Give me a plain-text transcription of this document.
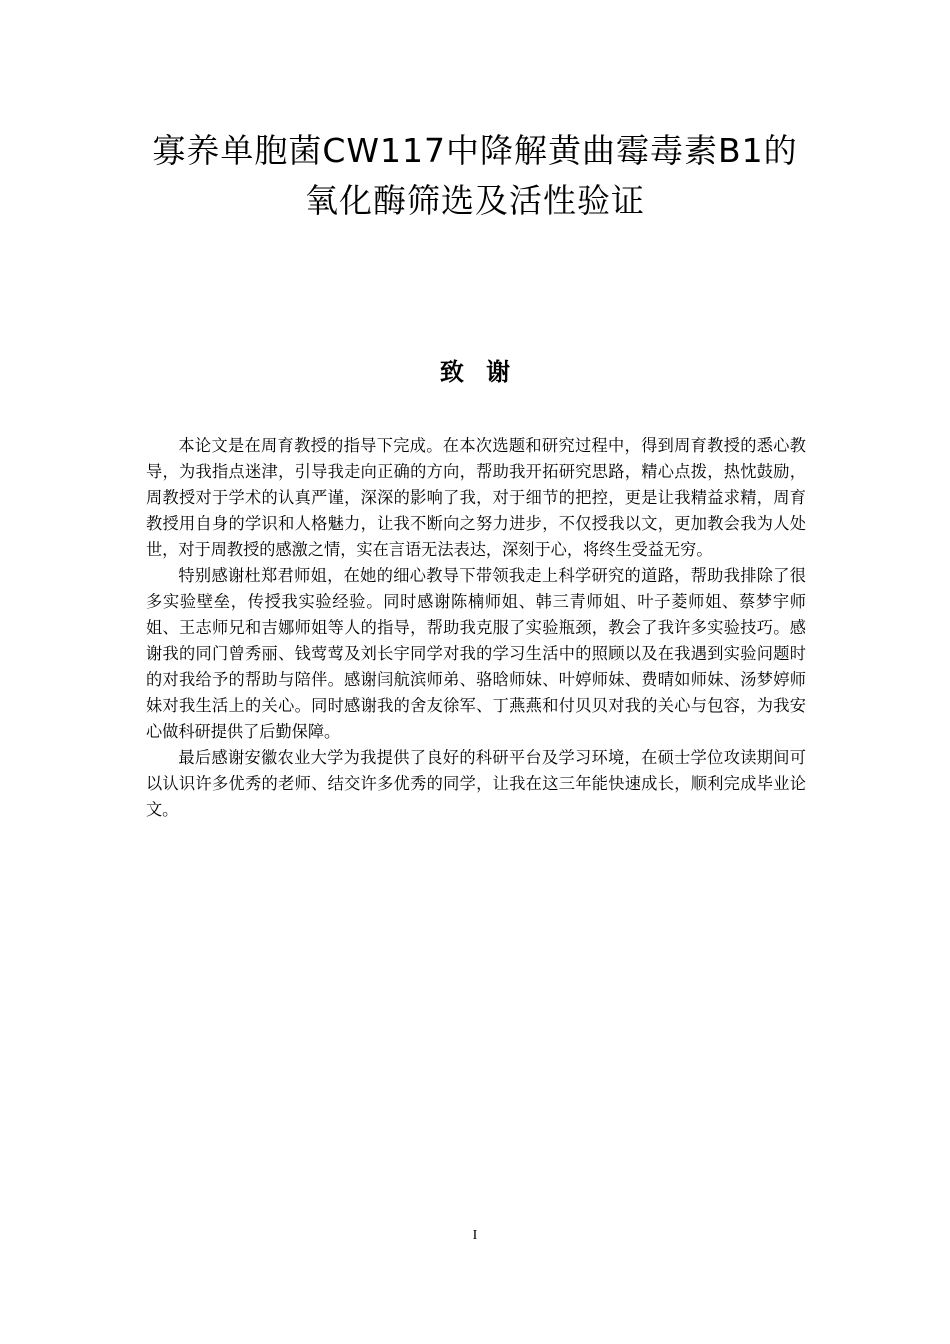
寡养单胞菌CW117中降解黄曲霉毒素B1的
氧化酶筛选及活性验证
致 谢

本论文是在周育教授的指导下完成。在本次选题和研究过程中，得到周育教授的悉心教导，为我指点迷津，引导我走向正确的方向，帮助我开拓研究思路，精心点拨，热忱鼓励，周教授对于学术的认真严谨，深深的影响了我，对于细节的把控，更是让我精益求精，周育教授用自身的学识和人格魅力，让我不断向之努力进步，不仅授我以文，更加教会我为人处世，对于周教授的感激之情，实在言语无法表达，深刻于心，将终生受益无穷。

特别感谢杜郑君师姐，在她的细心教导下带领我走上科学研究的道路，帮助我排除了很多实验壁垒，传授我实验经验。同时感谢陈楠师姐、韩三青师姐、叶子菱师姐、蔡梦宇师姐、王志师兄和吉娜师姐等人的指导，帮助我克服了实验瓶颈，教会了我许多实验技巧。感谢我的同门曾秀丽、钱莺莺及刘长宇同学对我的学习生活中的照顾以及在我遇到实验问题时的对我给予的帮助与陪伴。感谢闫航滨师弟、骆晗师妹、叶婷师妹、费晴如师妹、汤梦婷师妹对我生活上的关心。同时感谢我的舍友徐军、丁燕燕和付贝贝对我的关心与包容，为我安心做科研提供了后勤保障。

最后感谢安徽农业大学为我提供了良好的科研平台及学习环境，在硕士学位攻读期间可以认识许多优秀的老师、结交许多优秀的同学，让我在这三年能快速成长，顺利完成毕业论文。

I
